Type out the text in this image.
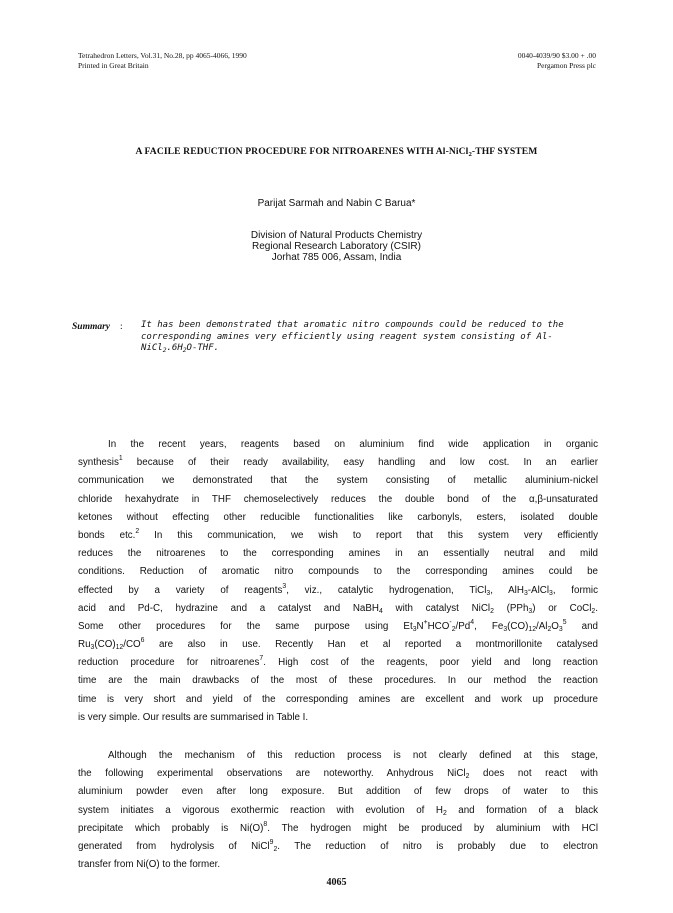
Tetrahedron Letters, Vol.31, No.28, pp 4065-4066, 1990
Printed in Great Britain
0040-4039/90 $3.00 + .00
Pergamon Press plc
A FACILE REDUCTION PROCEDURE FOR NITROARENES WITH Al-NiCl$_2$-THF SYSTEM
Parijat Sarmah and Nabin C Barua*
Division of Natural Products Chemistry
Regional Research Laboratory (CSIR)
Jorhat 785 006, Assam, India
Summary : It has been demonstrated that aromatic nitro compounds could be reduced to the corresponding amines very efficiently using reagent system consisting of $Al-NiCl_2.6H_2O$-THF.
In the recent years, reagents based on aluminium find wide application in organic
synthesis$^1$ because of their ready availability, easy handling and low cost. In an earlier
communication we demonstrated that the system consisting of metallic aluminium-nickel
chloride hexahydrate in THF chemoselectively reduces the double bond of the α,β-unsaturated
ketones without effecting other reducible functionalities like carbonyls, esters, isolated double
bonds etc.$^2$ In this communication, we wish to report that this system very efficiently
reduces the nitroarenes to the corresponding amines in an essentially neutral and mild
conditions. Reduction of aromatic nitro compounds to the corresponding amines could be
effected by a variety of reagents$^3$, viz., catalytic hydrogenation, TiCl$_3$, AlH$_3$-AlCl$_3$, formic
acid and Pd-C, hydrazine and a catalyst and NaBH$_4$ with catalyst NiCl$_2$ (PPh$_3$) or CoCl$_2$.
Some other procedures for the same purpose using $Et_3N^+HCO^-_2/Pd^4$, $Fe_3(CO)_{12}/Al_2O_3^5$ and
$Ru_3(CO)_{12}/CO^6$ are also in use. Recently Han et al reported a montmorillonite catalysed
reduction procedure for nitroarenes$^7$. High cost of the reagents, poor yield and long reaction
time are the main drawbacks of the most of these procedures. In our method the reaction
time is very short and yield of the corresponding amines are excellent and work up procedure
is very simple. Our results are summarised in Table I.
Although the mechanism of this reduction process is not clearly defined at this stage,
the following experimental observations are noteworthy. Anhydrous NiCl$_2$ does not react with
aluminium powder even after long exposure. But addition of few drops of water to this
system initiates a vigorous exothermic reaction with evolution of $H_2$ and formation of a black
precipitate which probably is $Ni(O)^8$. The hydrogen might be produced by aluminium with HCl
generated from hydrolysis of NiCl$^9_2$. The reduction of nitro is probably due to electron
transfer from Ni(O) to the former.
4065
